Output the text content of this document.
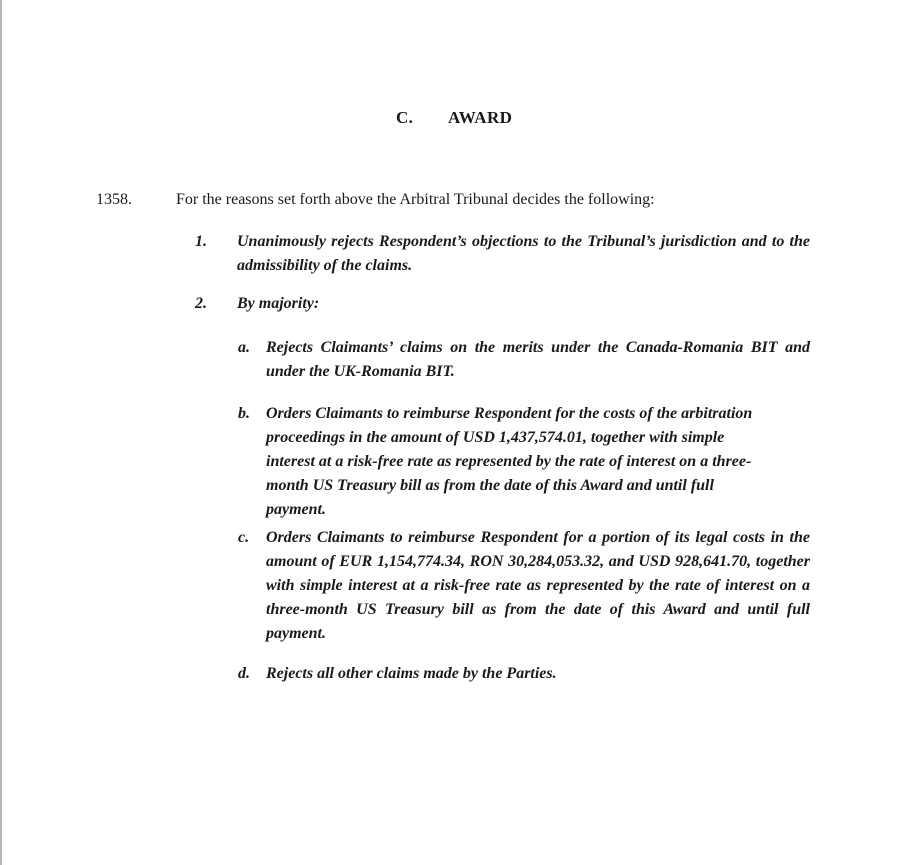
C. AWARD
1358.	For the reasons set forth above the Arbitral Tribunal decides the following:
1. Unanimously rejects Respondent’s objections to the Tribunal’s jurisdiction and to the admissibility of the claims.
2. By majority:
a. Rejects Claimants’ claims on the merits under the Canada-Romania BIT and under the UK-Romania BIT.
b. Orders Claimants to reimburse Respondent for the costs of the arbitration proceedings in the amount of USD 1,437,574.01, together with simple interest at a risk-free rate as represented by the rate of interest on a three-month US Treasury bill as from the date of this Award and until full payment.
c. Orders Claimants to reimburse Respondent for a portion of its legal costs in the amount of EUR 1,154,774.34, RON 30,284,053.32, and USD 928,641.70, together with simple interest at a risk-free rate as represented by the rate of interest on a three-month US Treasury bill as from the date of this Award and until full payment.
d. Rejects all other claims made by the Parties.
